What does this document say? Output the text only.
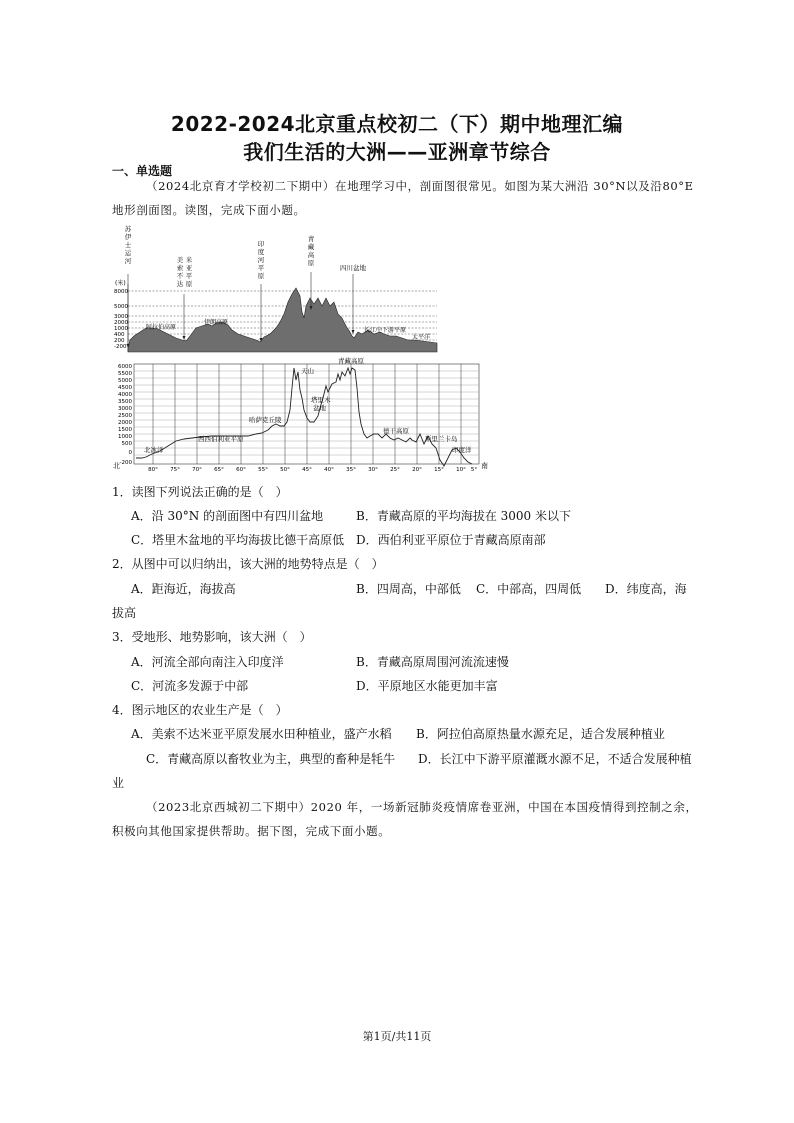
2022-2024北京重点校初二（下）期中地理汇编
我们生活的大洲——亚洲章节综合
一、单选题
（2024北京育才学校初二下期中）在地理学习中，剖面图很常见。如图为某大洲沿 30°N以及沿80°E
地形剖面图。读图，完成下面小题。
(米)
8000
5000
3000
2000
1000
400
200
-200
苏
伊
士
运
河	美
索
不
达
米
亚
平
原
印
度
河
平
原
青
藏
高
原
四川盆地
阿拉伯高原
伊朗高原
长江中下游平原
太平洋
6000
5500
5000
4500
4000
3500
3000
2500
2000
1500
1000
500
0
-200
80° 75° 70° 65° 60° 55° 50° 45° 40° 35° 30° 25° 20° 15° 10° 5°
北	南
北冰洋
西西伯利亚平原
哈萨克丘陵
天山
青藏高原
德干高原
斯里兰卡岛
印度洋
塔里木盆地
1．读图下列说法正确的是（　）
A．沿 30°N 的剖面图中有四川盆地	B．青藏高原的平均海拔在 3000 米以下
C．塔里木盆地的平均海拔比德干高原低 D．西伯利亚平原位于青藏高原南部
2．从图中可以归纳出，该大洲的地势特点是（　）
A．距海近，海拔高	B．四周高，中部低 C．中部高，四周低 D．纬度高，海
拔高
3．受地形、地势影响，该大洲（　）
A．河流全部向南注入印度洋	B．青藏高原周围河流流速慢
C．河流多发源于中部	D．平原地区水能更加丰富
4．图示地区的农业生产是（　）
A．美索不达米亚平原发展水田种植业，盛产水稻 B．阿拉伯高原热量水源充足，适合发展种植业
C．青藏高原以畜牧业为主，典型的畜种是牦牛 D．长江中下游平原灌溉水源不足，不适合发展种植
业
（2023北京西城初二下期中）2020 年，一场新冠肺炎疫情席卷亚洲，中国在本国疫情得到控制之余，
积极向其他国家提供帮助。据下图，完成下面小题。
第1页/共11页
